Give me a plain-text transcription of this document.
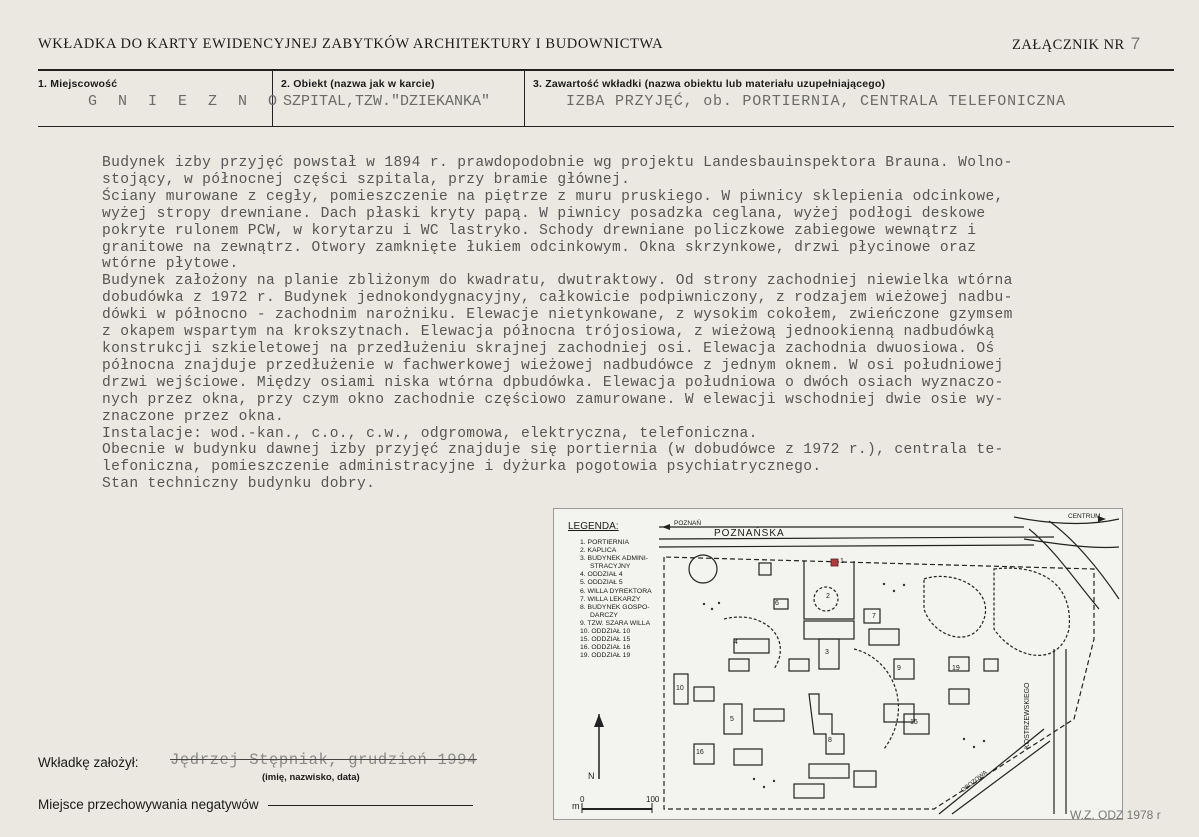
WKŁADKA DO KARTY EWIDENCYJNEJ ZABYTKÓW ARCHITEKTURY I BUDOWNICTWA	ZAŁĄCZNIK NR 7
1. Miejscowość
G N I E Z N O
2. Obiekt (nazwa jak w karcie)
SZPITAL,TZW."DZIEKANKA"
3. Zawartość wkładki (nazwa obiektu lub materiału uzupełniającego)
IZBA PRZYJĘĆ, ob. PORTIERNIA, CENTRALA TELEFONICZNA
Budynek izby przyjęć powstał w 1894 r. prawdopodobnie wg projektu Landesbauinspektora Brauna. Wolno-
stojący, w północnej części szpitala, przy bramie głównej.
Ściany murowane z cegły, pomieszczenie na piętrze z muru pruskiego. W piwnicy sklepienia odcinkowe,
wyżej stropy drewniane. Dach płaski kryty papą. W piwnicy posadzka ceglana, wyżej podłogi deskowe
pokryte rulonem PCW, w korytarzu i WC lastryko. Schody drewniane policzkowe zabiegowe wewnątrz i
granitowe na zewnątrz. Otwory zamknięte łukiem odcinkowym. Okna skrzynkowe, drzwi płycinowe oraz
wtórne płytowe.
Budynek założony na planie zbliżonym do kwadratu, dwutraktowy. Od strony zachodniej niewielka wtórna
dobudówka z 1972 r. Budynek jednokondygnacyjny, całkowicie podpiwniczony, z rodzajem wieżowej nadbu-
dówki w północno - zachodnim narożniku. Elewacje nietynkowane, z wysokim cokołem, zwieńczone gzymsem
z okapem wspartym na krokszytnach. Elewacja północna trójosiowa, z wieżową jednookienną nadbudówką
konstrukcji szkieletowej na przedłużeniu skrajnej zachodniej osi. Elewacja zachodnia dwuosiowa. Oś
północna znajduje przedłużenie w fachwerkowej wieżowej nadbudówce z jednym oknem. W osi południowej
drzwi wejściowe. Między osiami niska wtórna dpbudówka. Elewacja południowa o dwóch osiach wyznaczo-
nych przez okna, przy czym okno zachodnie częściowo zamurowane. W elewacji wschodniej dwie osie wy-
znaczone przez okna.
Instalacje: wod.-kan., c.o., c.w., odgromowa, elektryczna, telefoniczna.
Obecnie w budynku dawnej izby przyjęć znajduje się portiernia (w dobudówce z 1972 r.), centrala te-
lefoniczna, pomieszczenie administracyjne i dyżurka pogotowia psychiatrycznego.
Stan techniczny budynku dobry.
LEGENDA:
1. PORTIERNIA
2. KAPLICA
3. BUDYNEK ADMINI-
STRACYJNY
4. ODDZIAŁ 4
5. ODDZIAŁ 5
6. WILLA DYREKTORA
7. WILLA LEKARZY
8. BUDYNEK GOSPO-
DARCZY
9. TZW. SZARA WILLA
10. ODDZIAŁ 10
15. ODDZIAŁ 15
16. ODDZIAŁ 16
19. ODDZIAŁ 19
POZNAŃSKA
POZNAŃ
CENTRUM
KOSTRZEWSKIEGO
OBOZOWA
N
m
0	100
1
2
3
4
5
6
7
8
9
10
15
16
19
Wkładkę założył: Jędrzej Stępniak, grudzień 1994
(imię, nazwisko, data)
Miejsce przechowywania negatywów
W.Z. ODZ 1978 r
